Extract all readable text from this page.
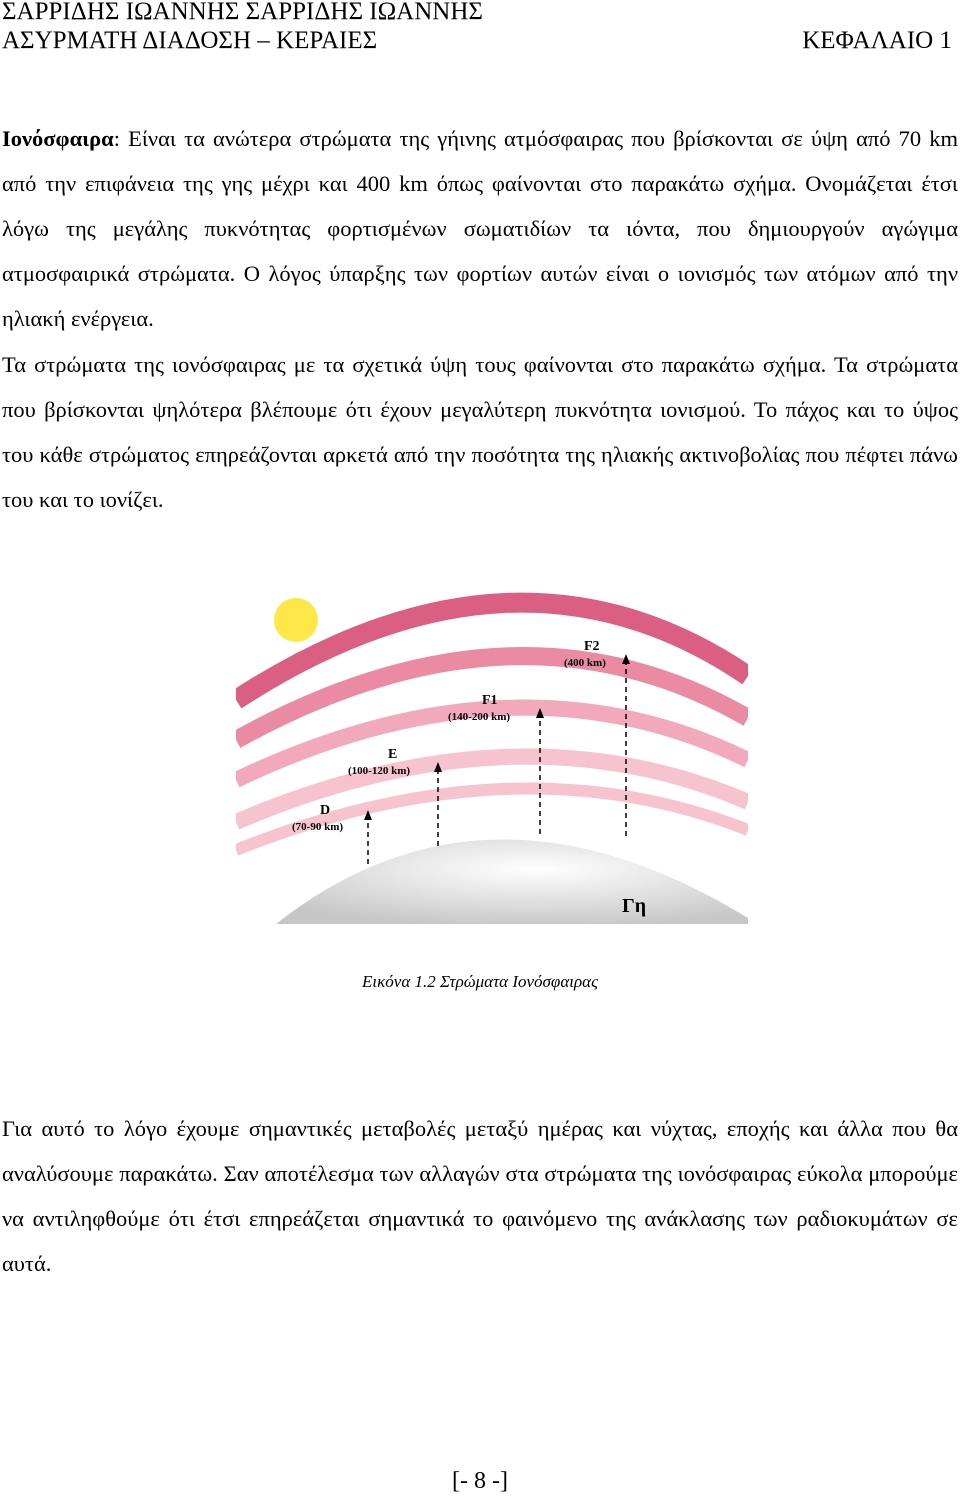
ΣΑΡΡΙΔΗΣ ΙΩΑΝΝΗΣ ΣΑΡΡΙΔΗΣ ΙΩΑΝΝΗΣ
ΑΣΥΡΜΑΤΗ ΔΙΑΔΟΣΗ – ΚΕΡΑΙΕΣ	ΚΕΦΑΛΑΙΟ 1

Ιονόσφαιρα: Είναι τα ανώτερα στρώματα της γήινης ατμόσφαιρας που βρίσκονται σε ύψη από 70 km από την επιφάνεια της γης μέχρι και 400 km όπως φαίνονται στο παρακάτω σχήμα. Ονομάζεται έτσι λόγω της μεγάλης πυκνότητας φορτισμένων σωματιδίων τα ιόντα, που δημιουργούν αγώγιμα ατμοσφαιρικά στρώματα. Ο λόγος ύπαρξης των φορτίων αυτών είναι ο ιονισμός των ατόμων από την ηλιακή ενέργεια.

Τα στρώματα της ιονόσφαιρας με τα σχετικά ύψη τους φαίνονται στο παρακάτω σχήμα. Τα στρώματα που βρίσκονται ψηλότερα βλέπουμε ότι έχουν μεγαλύτερη πυκνότητα ιονισμού. Το πάχος και το ύψος του κάθε στρώματος επηρεάζονται αρκετά από την ποσότητα της ηλιακής ακτινοβολίας που πέφτει πάνω του και το ιονίζει.

D
(70-90 km)
E
(100-120 km)
F1
(140-200 km)
F2
(400 km)
Γη
Εικόνα 1.2 Στρώματα Ιονόσφαιρας

Για αυτό το λόγο έχουμε σημαντικές μεταβολές μεταξύ ημέρας και νύχτας, εποχής και άλλα που θα αναλύσουμε παρακάτω. Σαν αποτέλεσμα των αλλαγών στα στρώματα της ιονόσφαιρας εύκολα μπορούμε να αντιληφθούμε ότι έτσι επηρεάζεται σημαντικά το φαινόμενο της ανάκλασης των ραδιοκυμάτων σε αυτά.

[- 8 -]
